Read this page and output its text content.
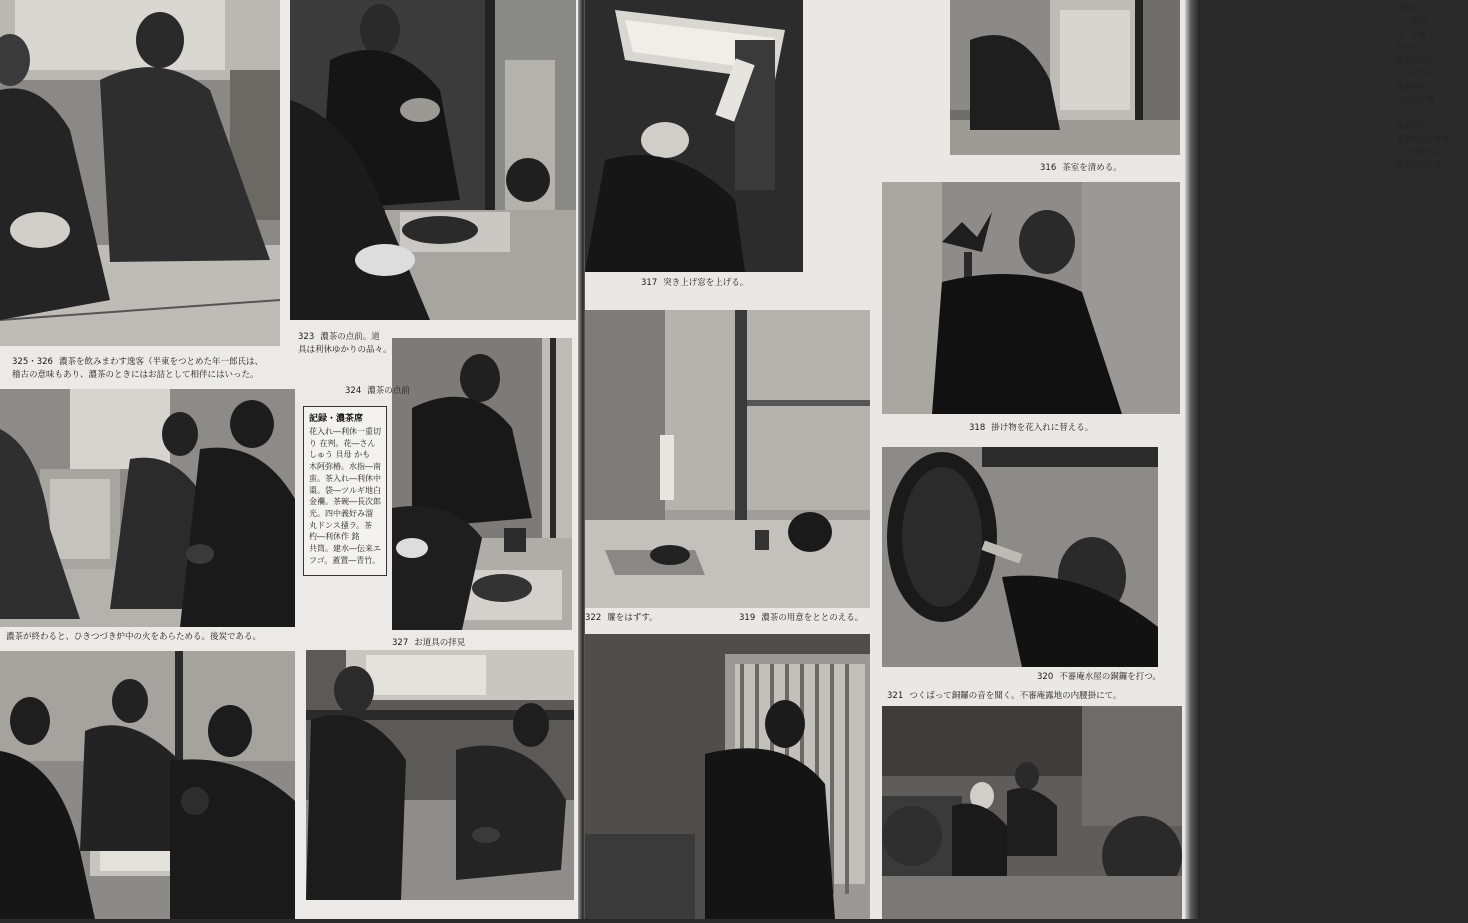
323 濃茶の点前。道
具は利休ゆかりの品々。
325・326 濃茶を飲みまわす逸客（半東をつとめた年一郎氏は、
稽古の意味もあり、濃茶のときにはお詰として相伴にはいった。
324 濃茶の点前
記録・濃茶席
花入れ―利休一重切
り 在判。花―さん
しゅう 貝母 かも
木阿弥椿。水指―南
蛮。茶入れ―利休中
棗。袋―ツルギ地白
金襴。茶碗―長次郎
光。四中義好み溜
丸ドンス掻ラ。茶
杓―利休作 銘　
共筒。建水―伝来エ
フゴ。蓋置―青竹。
濃茶が終わると、ひきつづき炉中の火をあらためる。後炭である。
327 お道具の拝見
げ窓を上
え。時刻
は、不審
窓とそとの
後座の用意
七点打たれ
後座の室入り
ふたたび腰
る。
後座の室入りが
茶室内はひきき
り、初座とはう
濃茶が始まる。
316 茶室を清める。
317 突き上げ窓を上げる。
318 掛け物を花入れに替える。
322 簾をはずす。	319 濃茶の用意をととのえる。
320 不審庵水屋の銅鑼を打つ。
321 つくばって銅鑼の音を聞く。不審庵露地の内腰掛にて。
